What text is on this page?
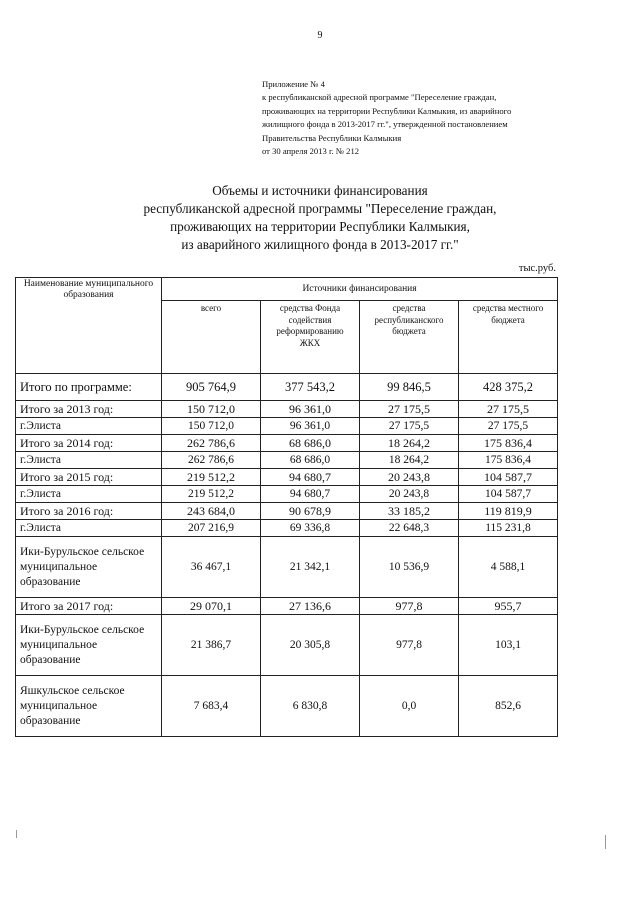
9
Приложение № 4
к республиканской адресной программе "Переселение граждан,
проживающих на территории Республики Калмыкия, из аварийного
жилищного фонда в 2013-2017 гг.", утвержденной постановлением
Правительства Республики Калмыкия
от 30 апреля 2013 г. № 212
Объемы и источники финансирования
республиканской адресной программы "Переселение граждан,
проживающих на территории Республики Калмыкия,
из аварийного жилищного фонда в 2013-2017 гг."
тыс.руб.
Наименование муниципального образования	Источники финансирования			
	всего	средства Фонда содействия реформированию ЖКХ	средства республиканского бюджета	средства местного бюджета
Итого по программе:	905 764,9	377 543,2	99 846,5	428 375,2
Итого за 2013 год:	150 712,0	96 361,0	27 175,5	27 175,5
г.Элиста	150 712,0	96 361,0	27 175,5	27 175,5
Итого за 2014 год:	262 786,6	68 686,0	18 264,2	175 836,4
г.Элиста	262 786,6	68 686,0	18 264,2	175 836,4
Итого за 2015 год:	219 512,2	94 680,7	20 243,8	104 587,7
г.Элиста	219 512,2	94 680,7	20 243,8	104 587,7
Итого за 2016 год:	243 684,0	90 678,9	33 185,2	119 819,9
г.Элиста	207 216,9	69 336,8	22 648,3	115 231,8
Ики-Бурульское сельское муниципальное образование	36 467,1	21 342,1	10 536,9	4 588,1
Итого за 2017 год:	29 070,1	27 136,6	977,8	955,7
Ики-Бурульское сельское муниципальное образование	21 386,7	20 305,8	977,8	103,1
Яшкульское сельское муниципальное образование	7 683,4	6 830,8	0,0	852,6
